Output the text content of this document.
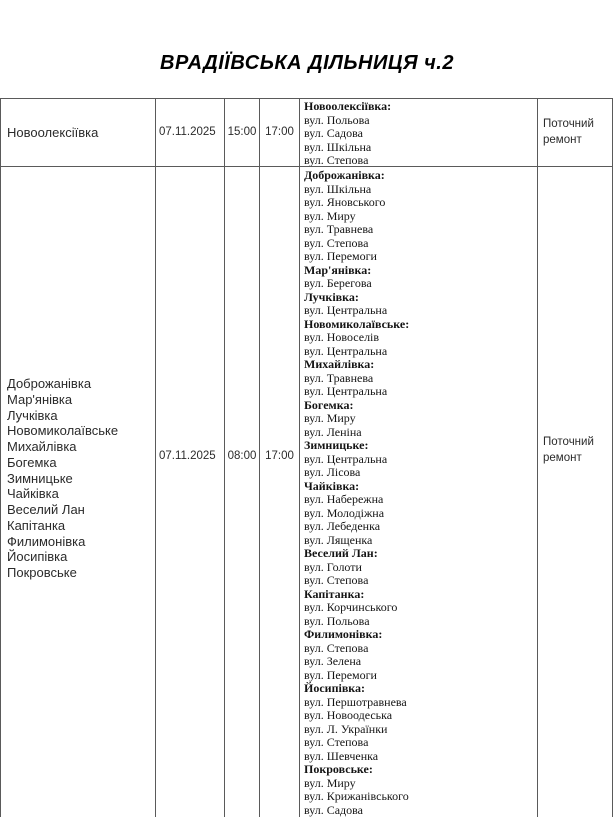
ВРАДІЇВСЬКА ДІЛЬНИЦЯ ч.2
Новоолексіївка	07.11.2025 15:00 17:00
Новоолексіївка:
вул. Польова
вул. Садова
вул. Шкільна
вул. Степова
Поточний ремонт
Доброжанівка
Мар'янівка
Лучківка
Новомиколаївське
Михайлівка
Богемка
Зимницьке
Чайківка
Веселий Лан
Капітанка
Филимонівка
Йосипівка
Покровське
07.11.2025 08:00 17:00
Доброжанівка:
вул. Шкільна
вул. Яновського
вул. Миру
вул. Травнева
вул. Степова
вул. Перемоги
Мар'янівка:
вул. Берегова
Лучківка:
вул. Центральна
Новомиколаївське:
вул. Новоселів
вул. Центральна
Михайлівка:
вул. Травнева
вул. Центральна
Богемка:
вул. Миру
вул. Леніна
Зимницьке:
вул. Центральна
вул. Лісова
Чайківка:
вул. Набережна
вул. Молодіжна
вул. Лебеденка
вул. Лященка
Веселий Лан:
вул. Голоти
вул. Степова
Капітанка:
вул. Корчинського
вул. Польова
Филимонівка:
вул. Степова
вул. Зелена
вул. Перемоги
Йосипівка:
вул. Першотравнева
вул. Новоодеська
вул. Л. Українки
вул. Степова
вул. Шевченка
Покровське:
вул. Миру
вул. Крижанівського
вул. Садова
Поточний ремонт
